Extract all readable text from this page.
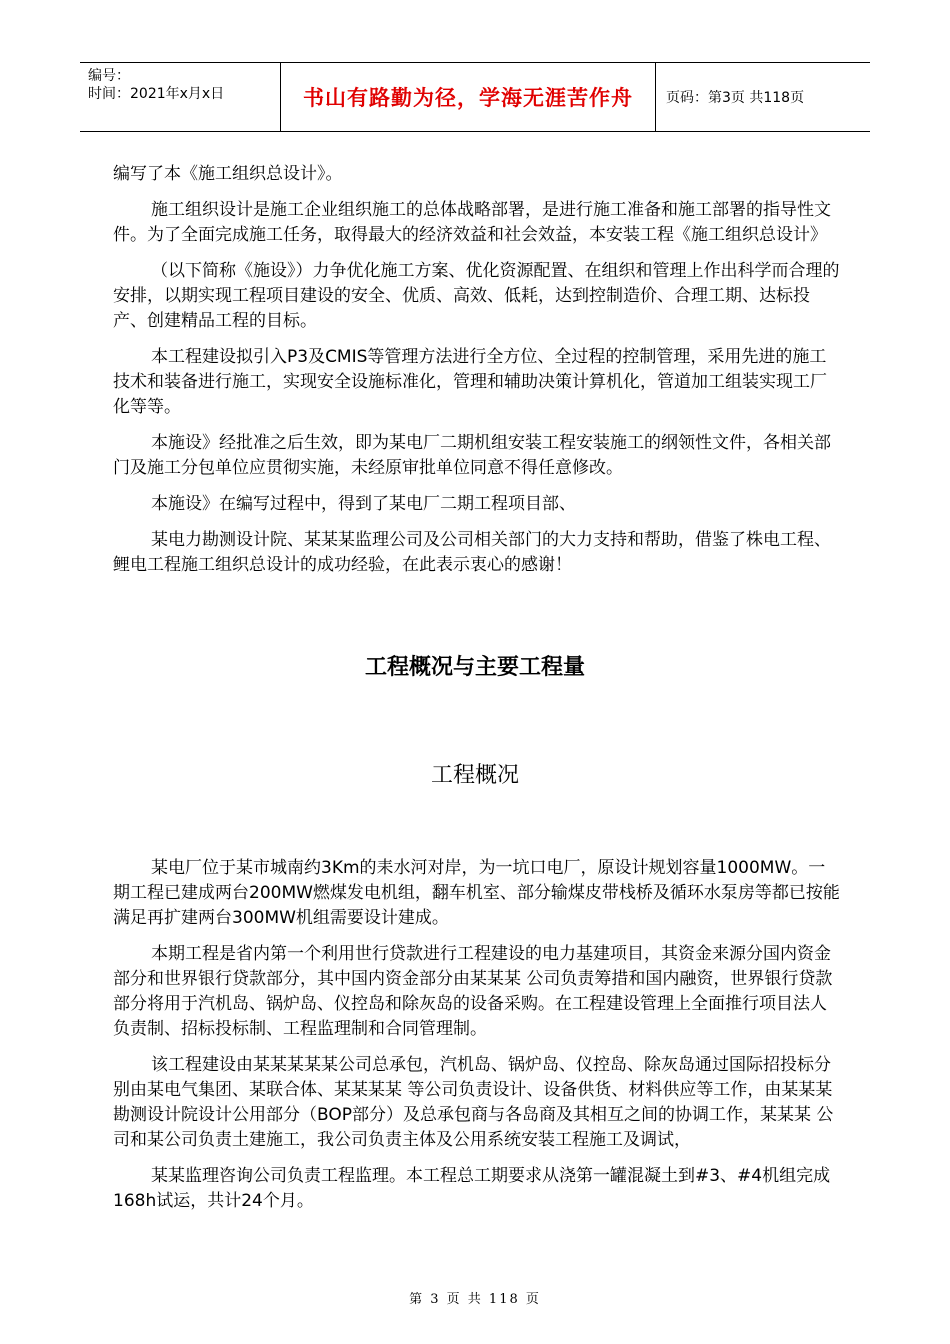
编号：
时间：2021年x月x日	书山有路勤为径，学海无涯苦作舟	页码：第3页 共118页

编写了本《施工组织总设计》。

施工组织设计是施工企业组织施工的总体战略部署，是进行施工准备和施工部署的指导性文件。为了全面完成施工任务，取得最大的经济效益和社会效益，本安装工程《施工组织总设计》

（以下简称《施设》）力争优化施工方案、优化资源配置、在组织和管理上作出科学而合理的安排，以期实现工程项目建设的安全、优质、高效、低耗，达到控制造价、合理工期、达标投产、创建精品工程的目标。

本工程建设拟引入P3及CMIS等管理方法进行全方位、全过程的控制管理，采用先进的施工技术和装备进行施工，实现安全设施标准化，管理和辅助决策计算机化，管道加工组装实现工厂化等等。

本施设》经批准之后生效，即为某电厂二期机组安装工程安装施工的纲领性文件，各相关部门及施工分包单位应贯彻实施，未经原审批单位同意不得任意修改。

本施设》在编写过程中，得到了某电厂二期工程项目部、

某电力勘测设计院、某某某监理公司及公司相关部门的大力支持和帮助，借鉴了株电工程、鲤电工程施工组织总设计的成功经验，在此表示衷心的感谢！

工程概况与主要工程量
工程概况

某电厂位于某市城南约3Km的耒水河对岸，为一坑口电厂，原设计规划容量1000MW。一期工程已建成两台200MW燃煤发电机组，翻车机室、部分输煤皮带栈桥及循环水泵房等都已按能满足再扩建两台300MW机组需要设计建成。

本期工程是省内第一个利用世行贷款进行工程建设的电力基建项目，其资金来源分国内资金部分和世界银行贷款部分，其中国内资金部分由某某某 公司负责筹措和国内融资，世界银行贷款部分将用于汽机岛、锅炉岛、仪控岛和除灰岛的设备采购。在工程建设管理上全面推行项目法人负责制、招标投标制、工程监理制和合同管理制。

该工程建设由某某某某某公司总承包，汽机岛、锅炉岛、仪控岛、除灰岛通过国际招投标分别由某电气集团、某联合体、某某某某 等公司负责设计、设备供货、材料供应等工作，由某某某 勘测设计院设计公用部分（BOP部分）及总承包商与各岛商及其相互之间的协调工作，某某某 公司和某公司负责土建施工，我公司负责主体及公用系统安装工程施工及调试，

某某监理咨询公司负责工程监理。本工程总工期要求从浇第一罐混凝土到#3、#4机组完成168h试运，共计24个月。

第 3 页 共 118 页
